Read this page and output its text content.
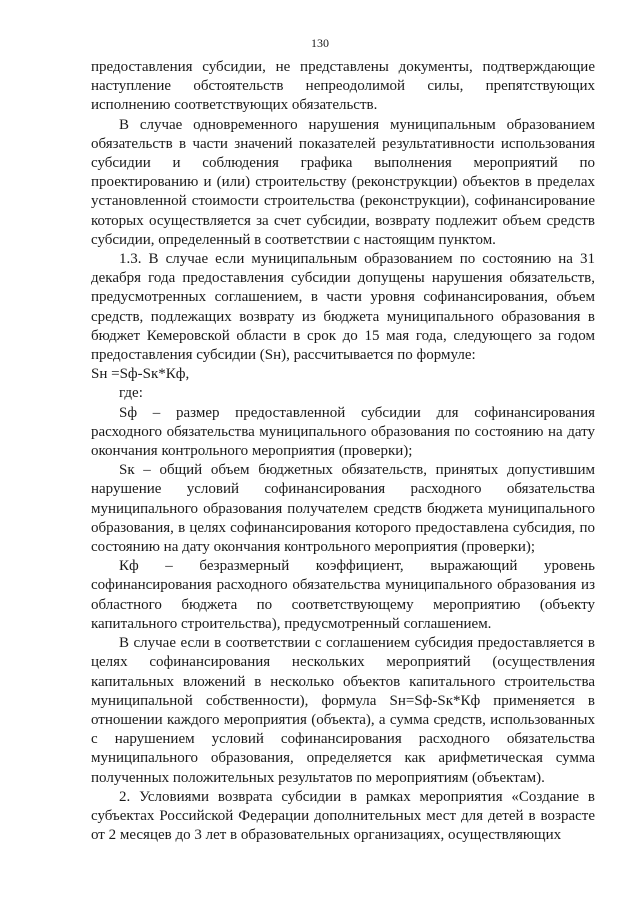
130

предоставления субсидии, не представлены документы, подтверждающие наступление обстоятельств непреодолимой силы, препятствующих исполнению соответствующих обязательств.

В случае одновременного нарушения муниципальным образованием обязательств в части значений показателей результативности использования субсидии и соблюдения графика выполнения мероприятий по проектированию и (или) строительству (реконструкции) объектов в пределах установленной стоимости строительства (реконструкции), софинансирование которых осуществляется за счет субсидии, возврату подлежит объем средств субсидии, определенный в соответствии с настоящим пунктом.

1.3. В случае если муниципальным образованием по состоянию на 31 декабря года предоставления субсидии допущены нарушения обязательств, предусмотренных соглашением, в части уровня софинансирования, объем средств, подлежащих возврату из бюджета муниципального образования в бюджет Кемеровской области в срок до 15 мая года, следующего за годом предоставления субсидии (Sн), рассчитывается по формуле:

Sн =Sф-Sк*Кф,

где:

Sф – размер предоставленной субсидии для софинансирования расходного обязательства муниципального образования по состоянию на дату окончания контрольного мероприятия (проверки);

Sк – общий объем бюджетных обязательств, принятых допустившим нарушение условий софинансирования расходного обязательства муниципального образования получателем средств бюджета муниципального образования, в целях софинансирования которого предоставлена субсидия, по состоянию на дату окончания контрольного мероприятия (проверки);

Кф – безразмерный коэффициент, выражающий уровень софинансирования расходного обязательства муниципального образования из областного бюджета по соответствующему мероприятию (объекту капитального строительства), предусмотренный соглашением.

В случае если в соответствии с соглашением субсидия предоставляется в целях софинансирования нескольких мероприятий (осуществления капитальных вложений в несколько объектов капитального строительства муниципальной собственности), формула Sн=Sф-Sк*Кф применяется в отношении каждого мероприятия (объекта), а сумма средств, использованных с нарушением условий софинансирования расходного обязательства муниципального образования, определяется как арифметическая сумма полученных положительных результатов по мероприятиям (объектам).

2. Условиями возврата субсидии в рамках мероприятия «Создание в субъектах Российской Федерации дополнительных мест для детей в возрасте от 2 месяцев до 3 лет в образовательных организациях, осуществляющих
